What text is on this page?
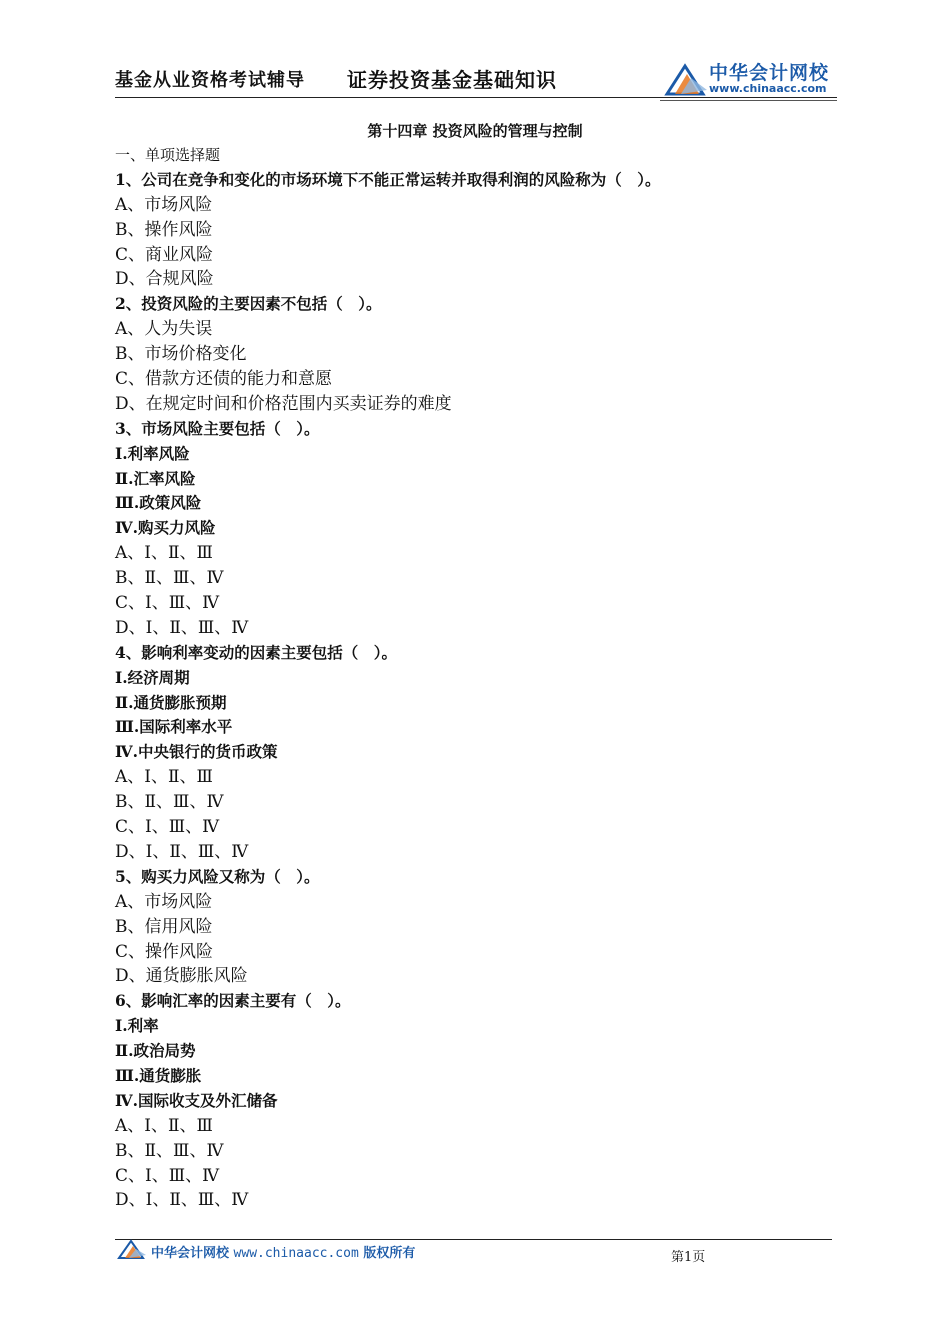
基金从业资格考试辅导 证券投资基金基础知识	中华会计网校
www.chinaacc.com
第十四章 投资风险的管理与控制
一、单项选择题
1、公司在竞争和变化的市场环境下不能正常运转并取得利润的风险称为（　）。
A、市场风险
B、操作风险
C、商业风险
D、合规风险
2、投资风险的主要因素不包括（　）。
A、人为失误
B、市场价格变化
C、借款方还债的能力和意愿
D、在规定时间和价格范围内买卖证券的难度
3、市场风险主要包括（　）。
Ⅰ.利率风险
Ⅱ.汇率风险
Ⅲ.政策风险
Ⅳ.购买力风险
A、Ⅰ、Ⅱ、Ⅲ
B、Ⅱ、Ⅲ、Ⅳ
C、Ⅰ、Ⅲ、Ⅳ
D、Ⅰ、Ⅱ、Ⅲ、Ⅳ
4、影响利率变动的因素主要包括（　）。
Ⅰ.经济周期
Ⅱ.通货膨胀预期
Ⅲ.国际利率水平
Ⅳ.中央银行的货币政策
A、Ⅰ、Ⅱ、Ⅲ
B、Ⅱ、Ⅲ、Ⅳ
C、Ⅰ、Ⅲ、Ⅳ
D、Ⅰ、Ⅱ、Ⅲ、Ⅳ
5、购买力风险又称为（　）。
A、市场风险
B、信用风险
C、操作风险
D、通货膨胀风险
6、影响汇率的因素主要有（　）。
Ⅰ.利率
Ⅱ.政治局势
Ⅲ.通货膨胀
Ⅳ.国际收支及外汇储备
A、Ⅰ、Ⅱ、Ⅲ
B、Ⅱ、Ⅲ、Ⅳ
C、Ⅰ、Ⅲ、Ⅳ
D、Ⅰ、Ⅱ、Ⅲ、Ⅳ
中华会计网校 www.chinaacc.com 版权所有	第1页
